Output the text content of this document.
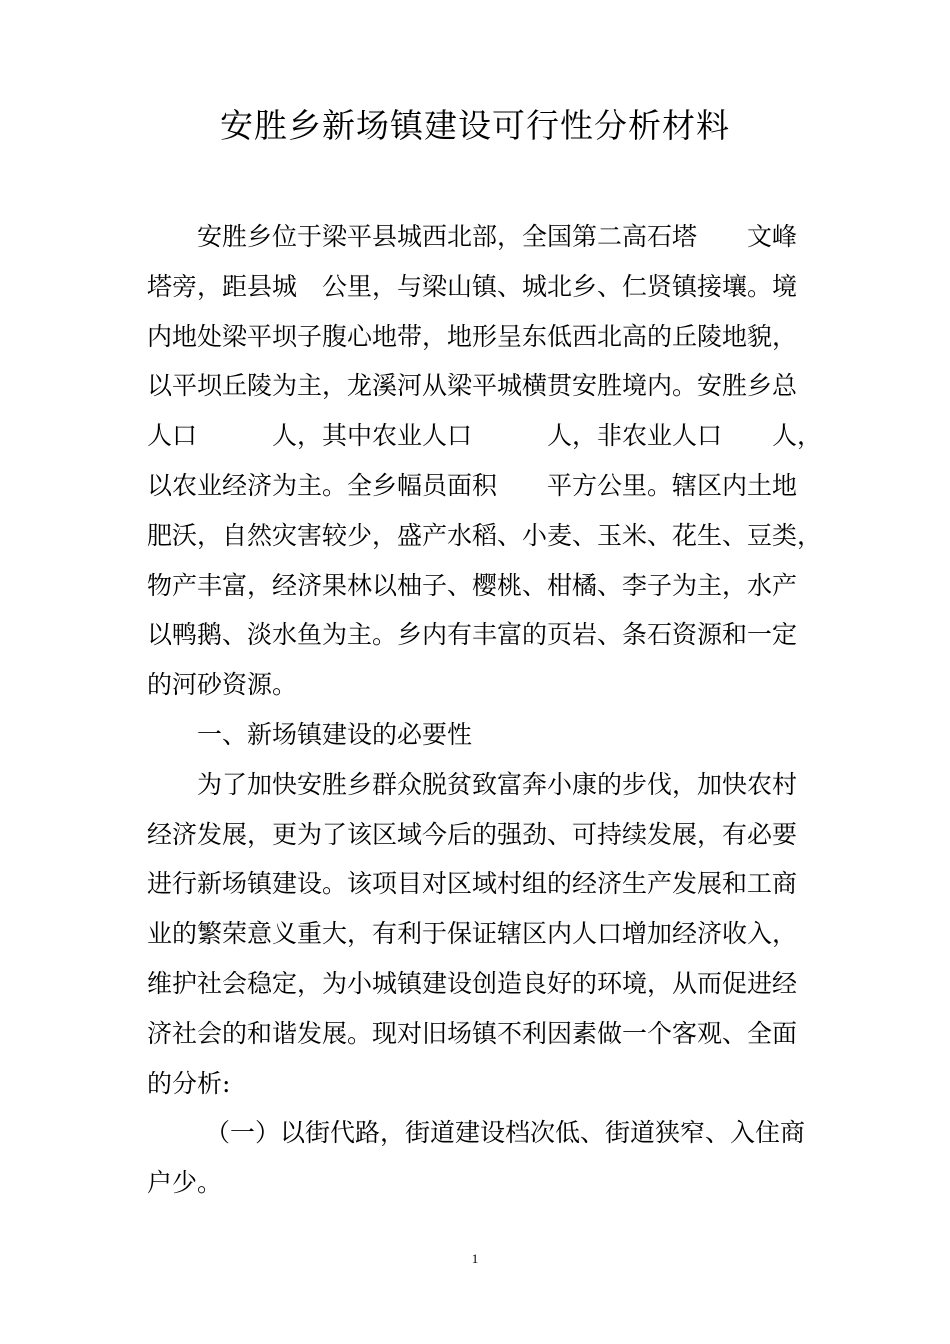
安胜乡新场镇建设可行性分析材料
安胜乡位于梁平县城西北部，全国第二高石塔　　文峰
塔旁，距县城　公里，与梁山镇、城北乡、仁贤镇接壤。境
内地处梁平坝子腹心地带，地形呈东低西北高的丘陵地貌，
以平坝丘陵为主，龙溪河从梁平城横贯安胜境内。安胜乡总
人口　　　人，其中农业人口　　　人，非农业人口　　人，
以农业经济为主。全乡幅员面积　　平方公里。辖区内土地
肥沃，自然灾害较少，盛产水稻、小麦、玉米、花生、豆类，
物产丰富，经济果林以柚子、樱桃、柑橘、李子为主，水产
以鸭鹅、淡水鱼为主。乡内有丰富的页岩、条石资源和一定
的河砂资源。
一、新场镇建设的必要性
为了加快安胜乡群众脱贫致富奔小康的步伐，加快农村
经济发展，更为了该区域今后的强劲、可持续发展，有必要
进行新场镇建设。该项目对区域村组的经济生产发展和工商
业的繁荣意义重大，有利于保证辖区内人口增加经济收入，
维护社会稳定，为小城镇建设创造良好的环境，从而促进经
济社会的和谐发展。现对旧场镇不利因素做一个客观、全面
的分析:
（一）以街代路，街道建设档次低、街道狭窄、入住商
户少。
1
